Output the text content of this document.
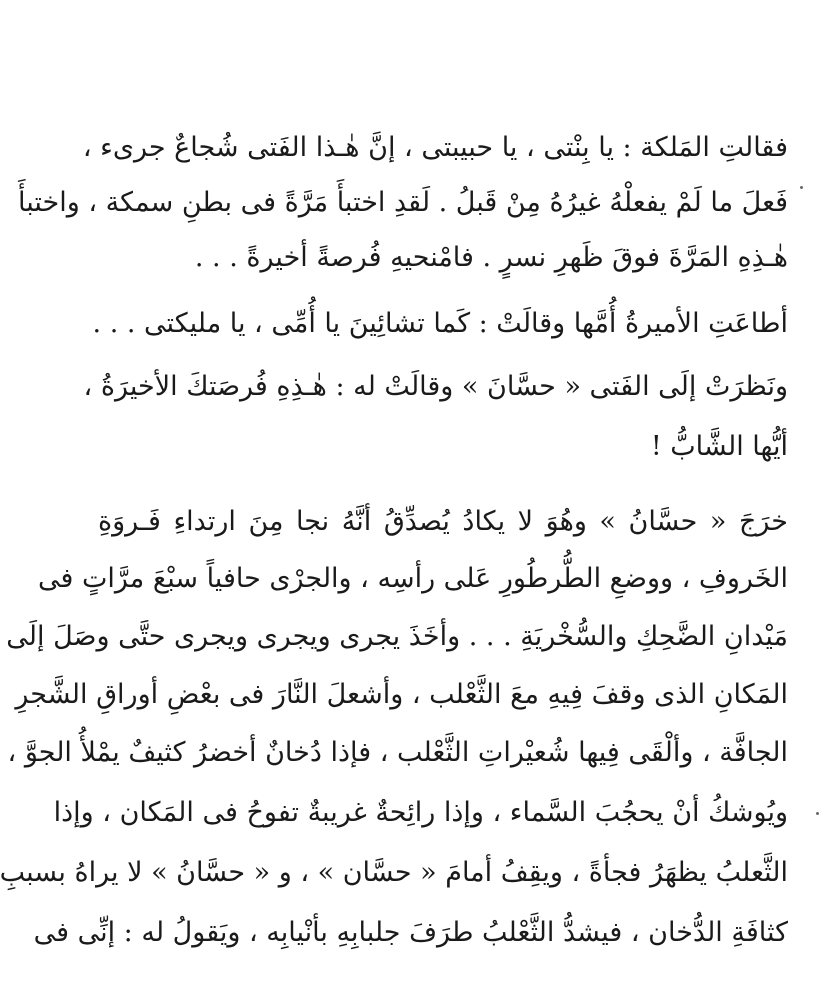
فقالتِ المَلكة : يا بِنْتى ، يا حبيبتى ، إنَّ هٰـذا الفَتى شُجاعٌ جرىء ،
فَعلَ ما لَمْ يفعلْهُ غيرُهُ مِنْ قَبلُ . لَقدِ اختبأَ مَرَّةً فى بطنِ سمكة ، واختبأَ
هٰـذِهِ المَرَّةَ فوقَ ظَهرِ نسرٍ . فامْنحيهِ فُرصةً أخيرةً . . .
أطاعَتِ الأميرةُ أُمَّها وقالَتْ : كَما تشائِينَ يا أُمِّى ، يا مليكتى . . .
ونَظرَتْ إلَى الفَتى « حسَّانَ » وقالَتْ له : هٰـذِهِ فُرصَتكَ الأخيرَةُ ،
أيُّها الشَّابُّ !
خرَجَ « حسَّانُ » وهُوَ لا يكادُ يُصدِّقُ أنَّهُ نجا مِنَ ارتداءِ فَـروَةِ
الخَروفِ ، ووضعِ الطُّرطُورِ عَلى رأسِه ، والجرْى حافياً سبْعَ مرَّاتٍ فى
مَيْدانِ الضَّحِكِ والسُّخْريَةِ . . . وأخَذَ يجرى ويجرى ويجرى حتَّى وصَلَ إلَى
المَكانِ الذى وقفَ فِيهِ معَ الثَّعْلب ، وأشعلَ النَّارَ فى بعْضِ أوراقِ الشَّجرِ
الجافَّة ، وألْقَى فِيها شُعيْراتِ الثَّعْلب ، فإذا دُخانٌ أخضرُ كثيفٌ يمْلأُ الجوَّ ،
ويُوشكُ أنْ يحجُبَ السَّماء ، وإذا رائِحةٌ غريبةٌ تفوحُ فى المَكان ، وإذا
الثَّعلبُ يظهَرُ فجأةً ، ويقِفُ أمامَ « حسَّان » ، و « حسَّانُ » لا يراهُ بسببِ
كثافَةِ الدُّخان ، فيشدُّ الثَّعْلبُ طرَفَ جلبابِهِ بأنْيابِه ، ويَقولُ له : إنِّى فى
